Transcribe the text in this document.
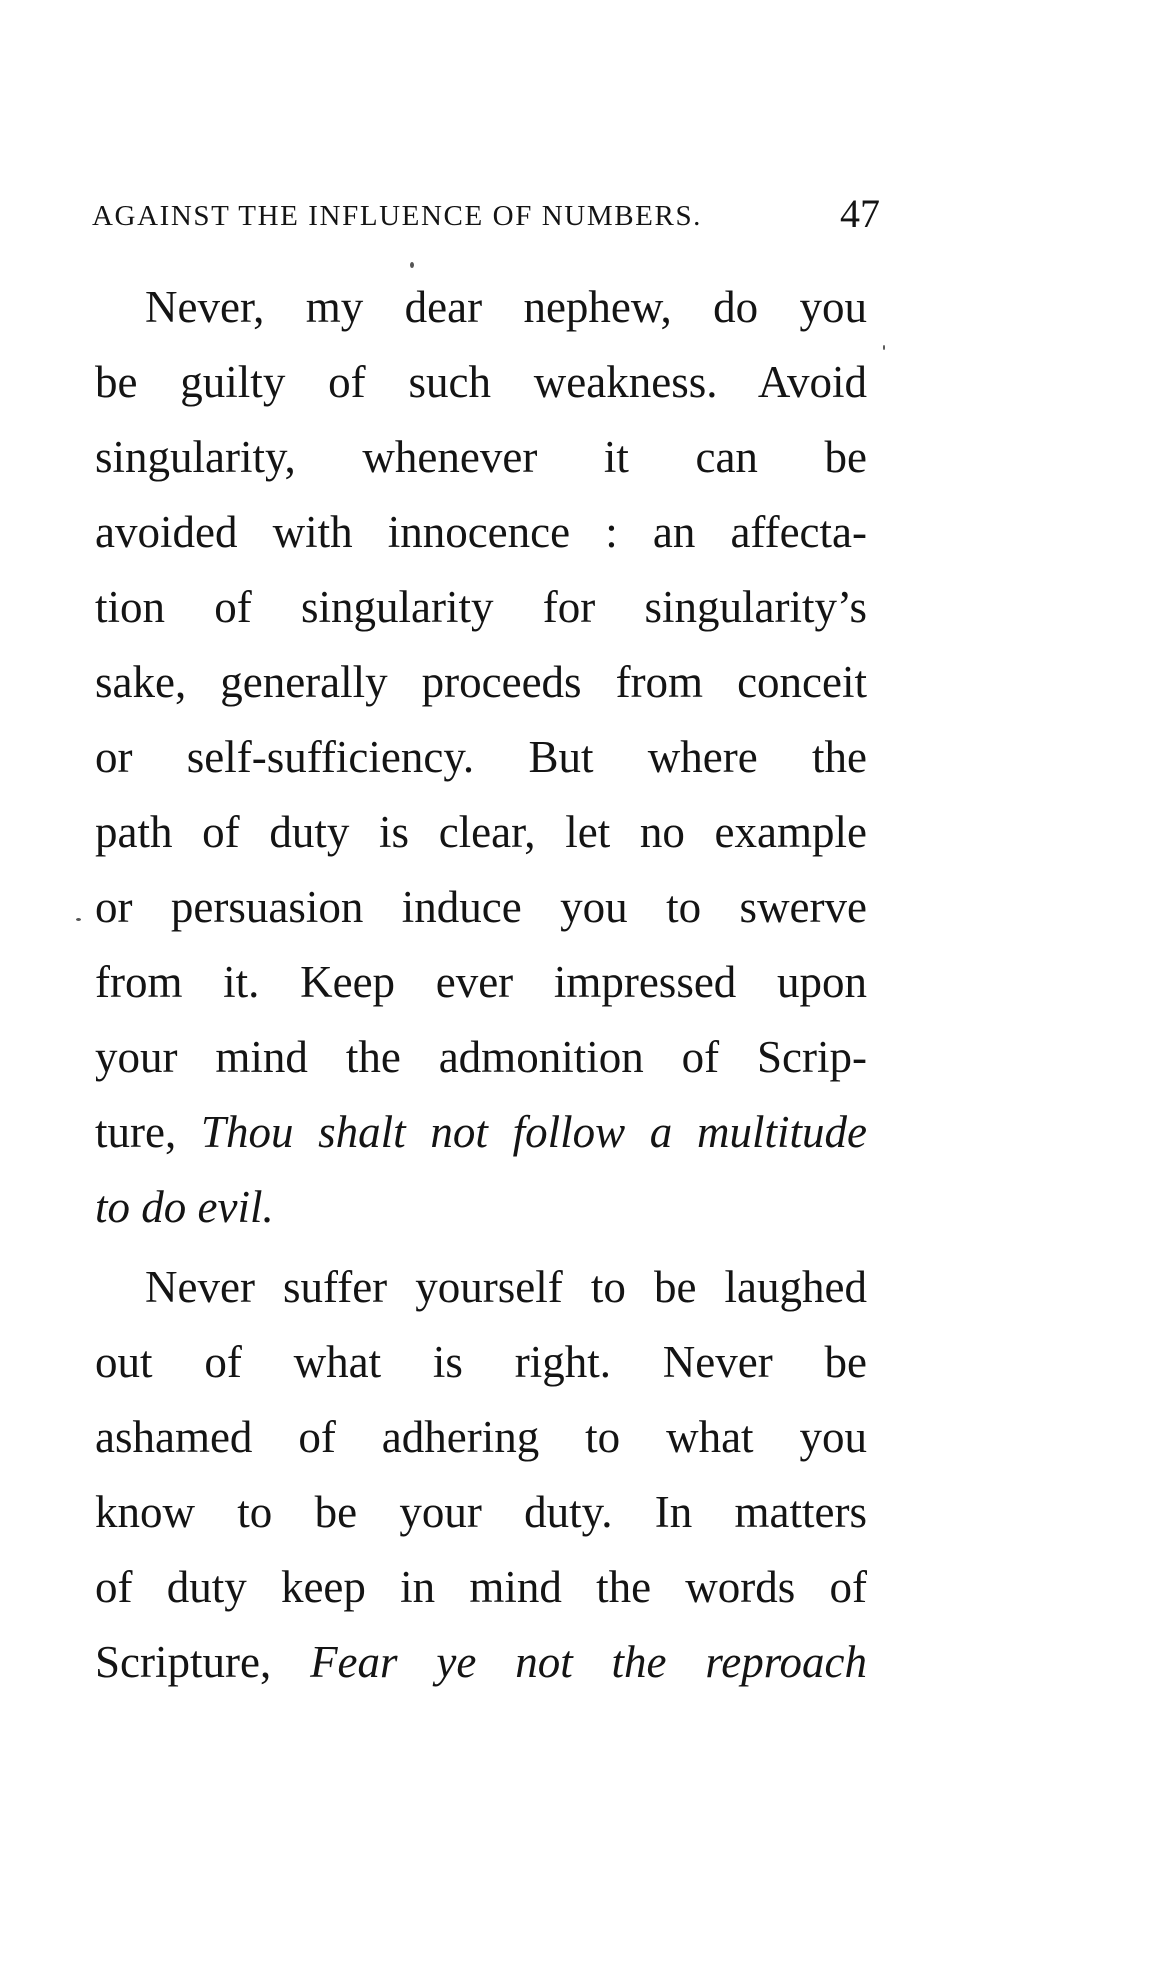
AGAINST THE INFLUENCE OF NUMBERS.	47
Never, my dear nephew, do you
be guilty of such weakness. Avoid
singularity, whenever it can be
avoided with innocence : an affecta-
tion of singularity for singularity’s
sake, generally proceeds from conceit
or self-sufficiency. But where the
path of duty is clear, let no example
or persuasion induce you to swerve
from it. Keep ever impressed upon
your mind the admonition of Scrip-
ture, Thou shalt not follow a multitude
to do evil.
Never suffer yourself to be laughed
out of what is right. Never be
ashamed of adhering to what you
know to be your duty. In matters
of duty keep in mind the words of
Scripture, Fear ye not the reproach
